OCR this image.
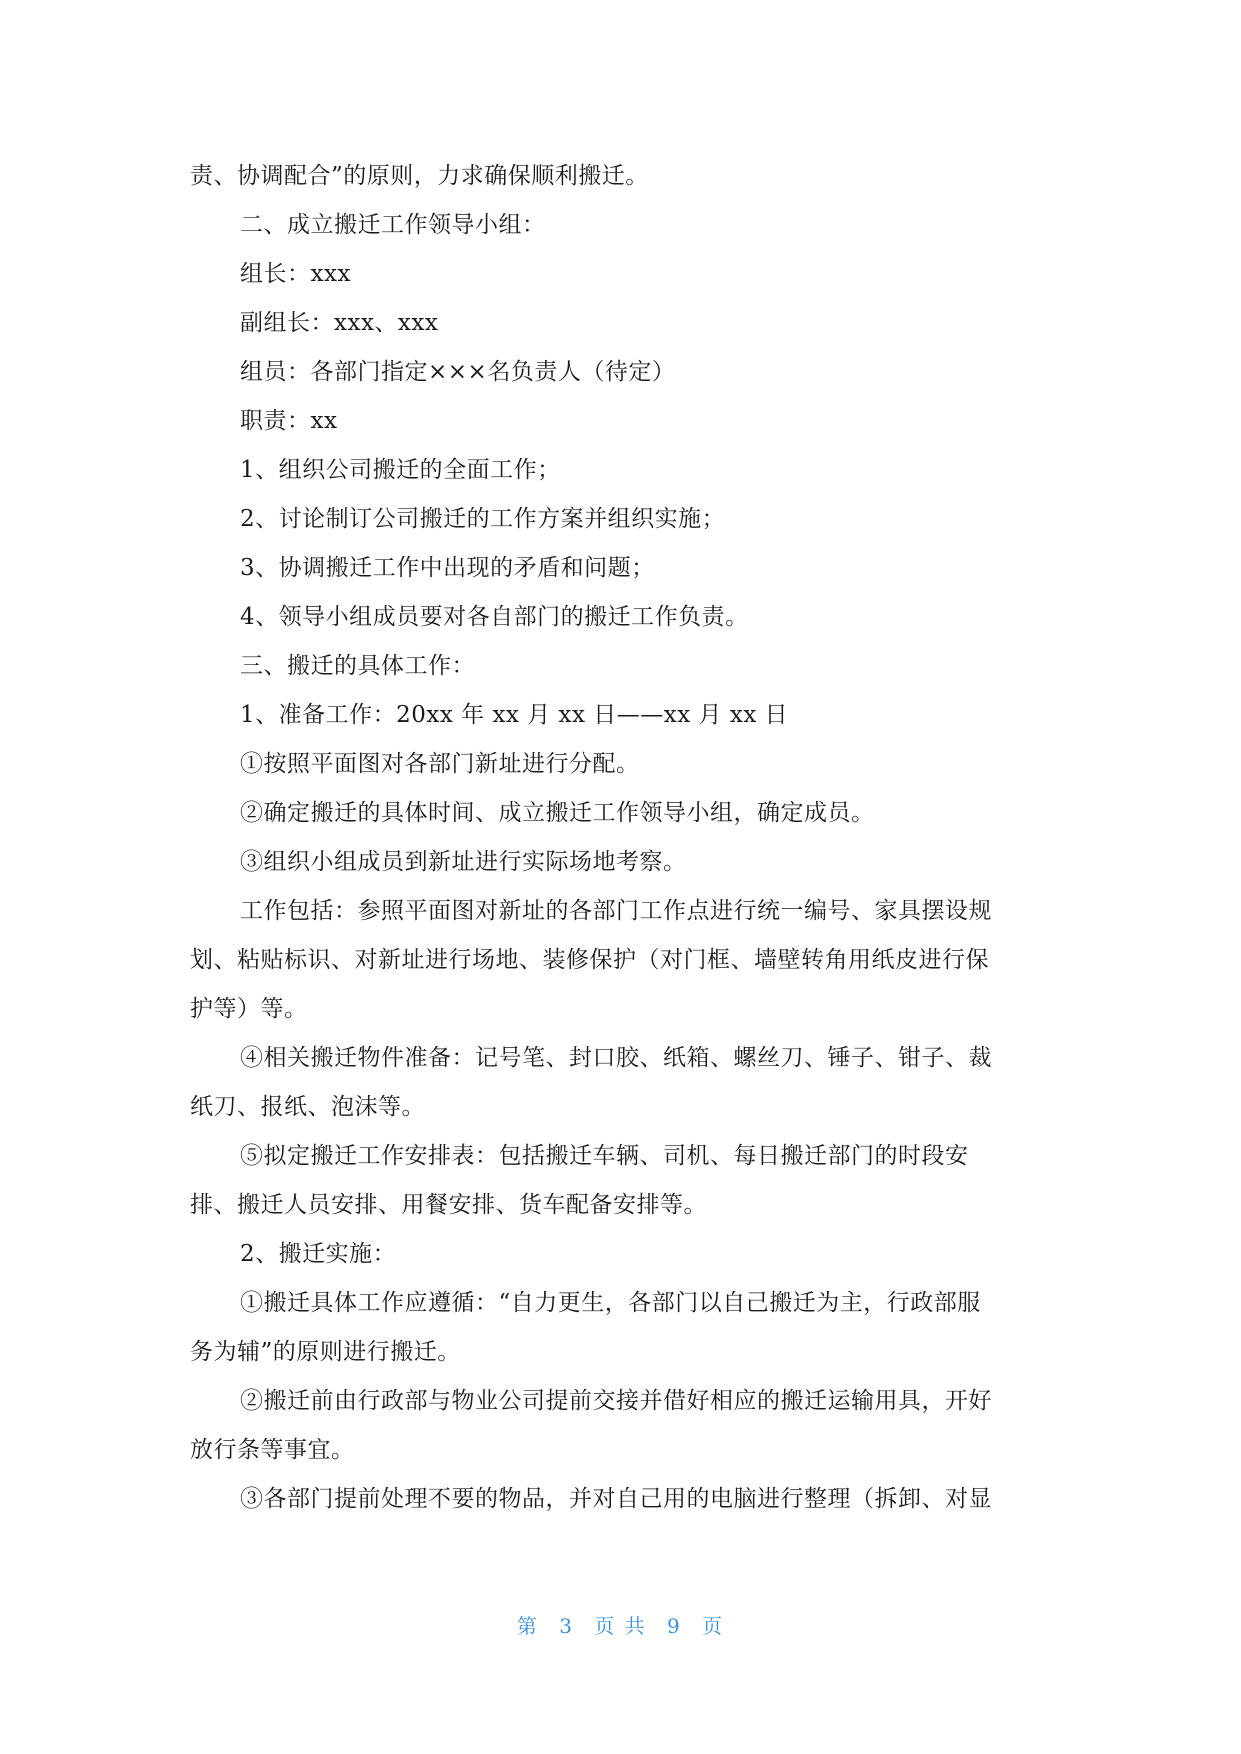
责、协调配合”的原则，力求确保顺利搬迁。
二、成立搬迁工作领导小组：
组长：xxx
副组长：xxx、xxx
组员：各部门指定×××名负责人（待定）
职责：xx
1、组织公司搬迁的全面工作；
2、讨论制订公司搬迁的工作方案并组织实施；
3、协调搬迁工作中出现的矛盾和问题；
4、领导小组成员要对各自部门的搬迁工作负责。
三、搬迁的具体工作：
1、准备工作：20xx 年 xx 月 xx 日——xx 月 xx 日
①按照平面图对各部门新址进行分配。
②确定搬迁的具体时间、成立搬迁工作领导小组，确定成员。
③组织小组成员到新址进行实际场地考察。
工作包括：参照平面图对新址的各部门工作点进行统一编号、家具摆设规
划、粘贴标识、对新址进行场地、装修保护（对门框、墙壁转角用纸皮进行保
护等）等。
④相关搬迁物件准备：记号笔、封口胶、纸箱、螺丝刀、锤子、钳子、裁
纸刀、报纸、泡沫等。
⑤拟定搬迁工作安排表：包括搬迁车辆、司机、每日搬迁部门的时段安
排、搬迁人员安排、用餐安排、货车配备安排等。
2、搬迁实施：
①搬迁具体工作应遵循：“自力更生，各部门以自己搬迁为主，行政部服
务为辅”的原则进行搬迁。
②搬迁前由行政部与物业公司提前交接并借好相应的搬迁运输用具，开好
放行条等事宜。
③各部门提前处理不要的物品，并对自己用的电脑进行整理（拆卸、对显
第 3 页 共 9 页
